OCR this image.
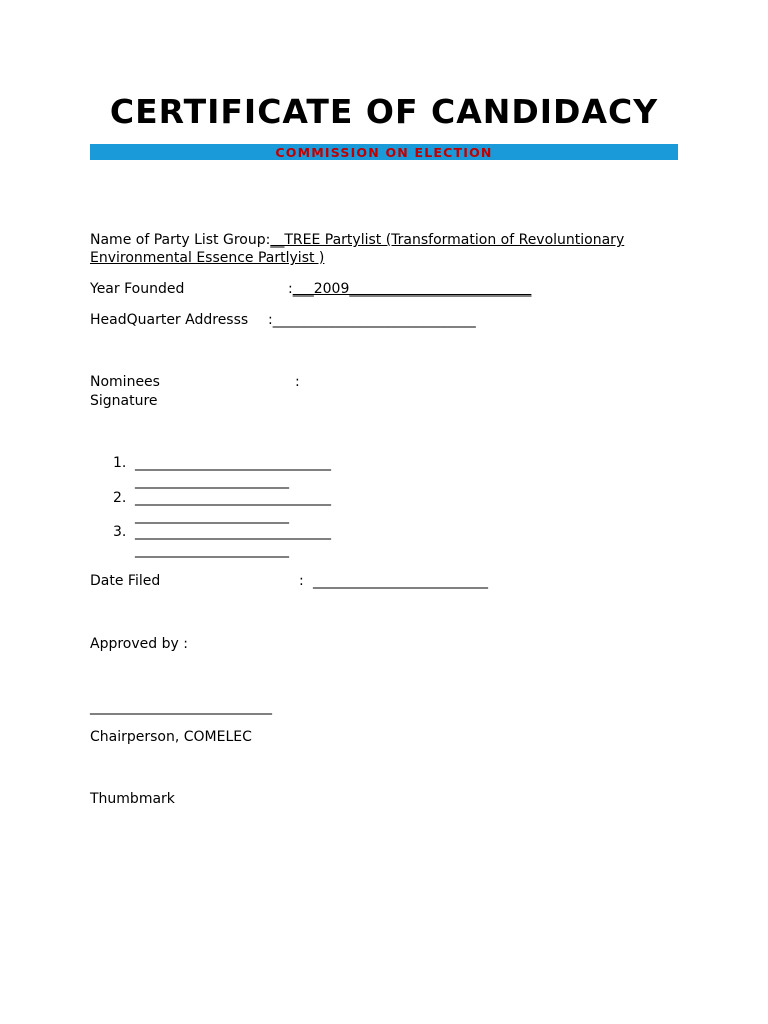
CERTIFICATE OF CANDIDACY
COMMISSION ON ELECTION
Name of Party List Group:__TREE Partylist (Transformation of Revoluntionary
Environmental Essence Partlyist )
Year Founded	:___2009__________________________
HeadQuarter Addresss :_____________________________
Nominees	:
Signature
1. ____________________________
______________________
2. ____________________________
______________________
3. ____________________________
______________________
Date Filed	: _________________________
Approved by :
__________________________
Chairperson, COMELEC
Thumbmark
